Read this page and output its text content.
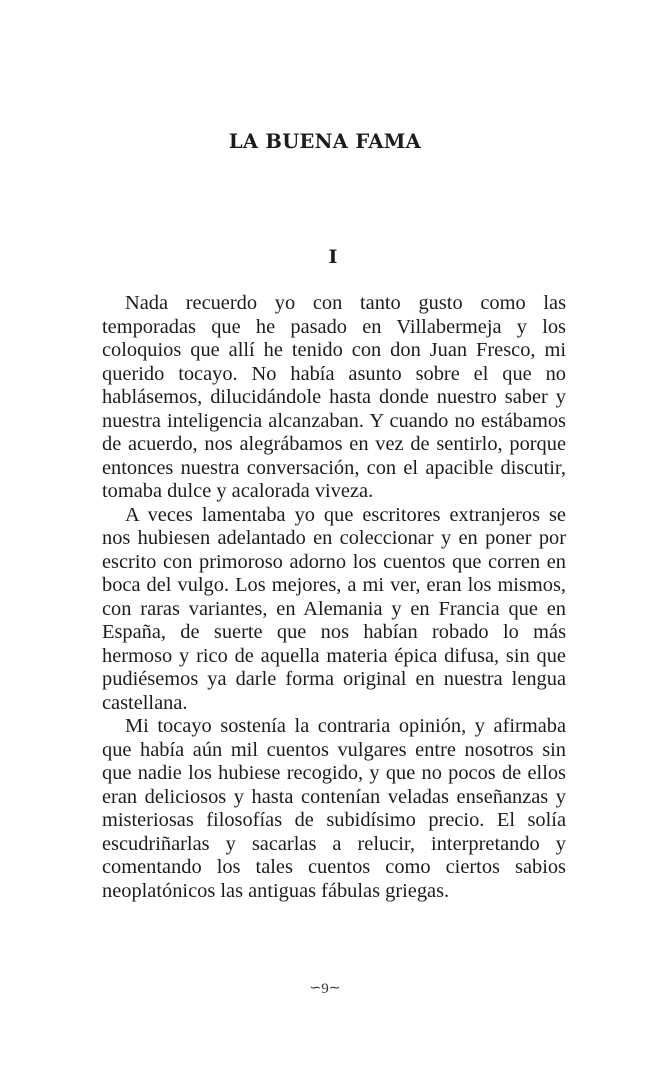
LA BUENA FAMA
I

Nada recuerdo yo con tanto gusto como las temporadas que he pasado en Villabermeja y los coloquios que allí he tenido con don Juan Fresco, mi querido tocayo. No había asunto sobre el que no hablásemos, dilucidándole hasta donde nuestro saber y nuestra inteligencia alcanzaban. Y cuando no estábamos de acuerdo, nos alegrábamos en vez de sentirlo, porque entonces nuestra conversación, con el apacible discutir, tomaba dulce y acalorada viveza.

A veces lamentaba yo que escritores extranjeros se nos hubiesen adelantado en coleccionar y en poner por escrito con primoroso adorno los cuentos que corren en boca del vulgo. Los mejores, a mi ver, eran los mismos, con raras variantes, en Alemania y en Francia que en España, de suerte que nos habían robado lo más hermoso y rico de aquella materia épica difusa, sin que pudiésemos ya darle forma original en nuestra lengua castellana.

Mi tocayo sostenía la contraria opinión, y afirmaba que había aún mil cuentos vulgares entre nosotros sin que nadie los hubiese recogido, y que no pocos de ellos eran deliciosos y hasta contenían veladas enseñanzas y misteriosas filosofías de subidísimo precio. El solía escudriñarlas y sacarlas a relucir, interpretando y comentando los tales cuentos como ciertos sabios neoplatónicos las antiguas fábulas griegas.

∽9∼
